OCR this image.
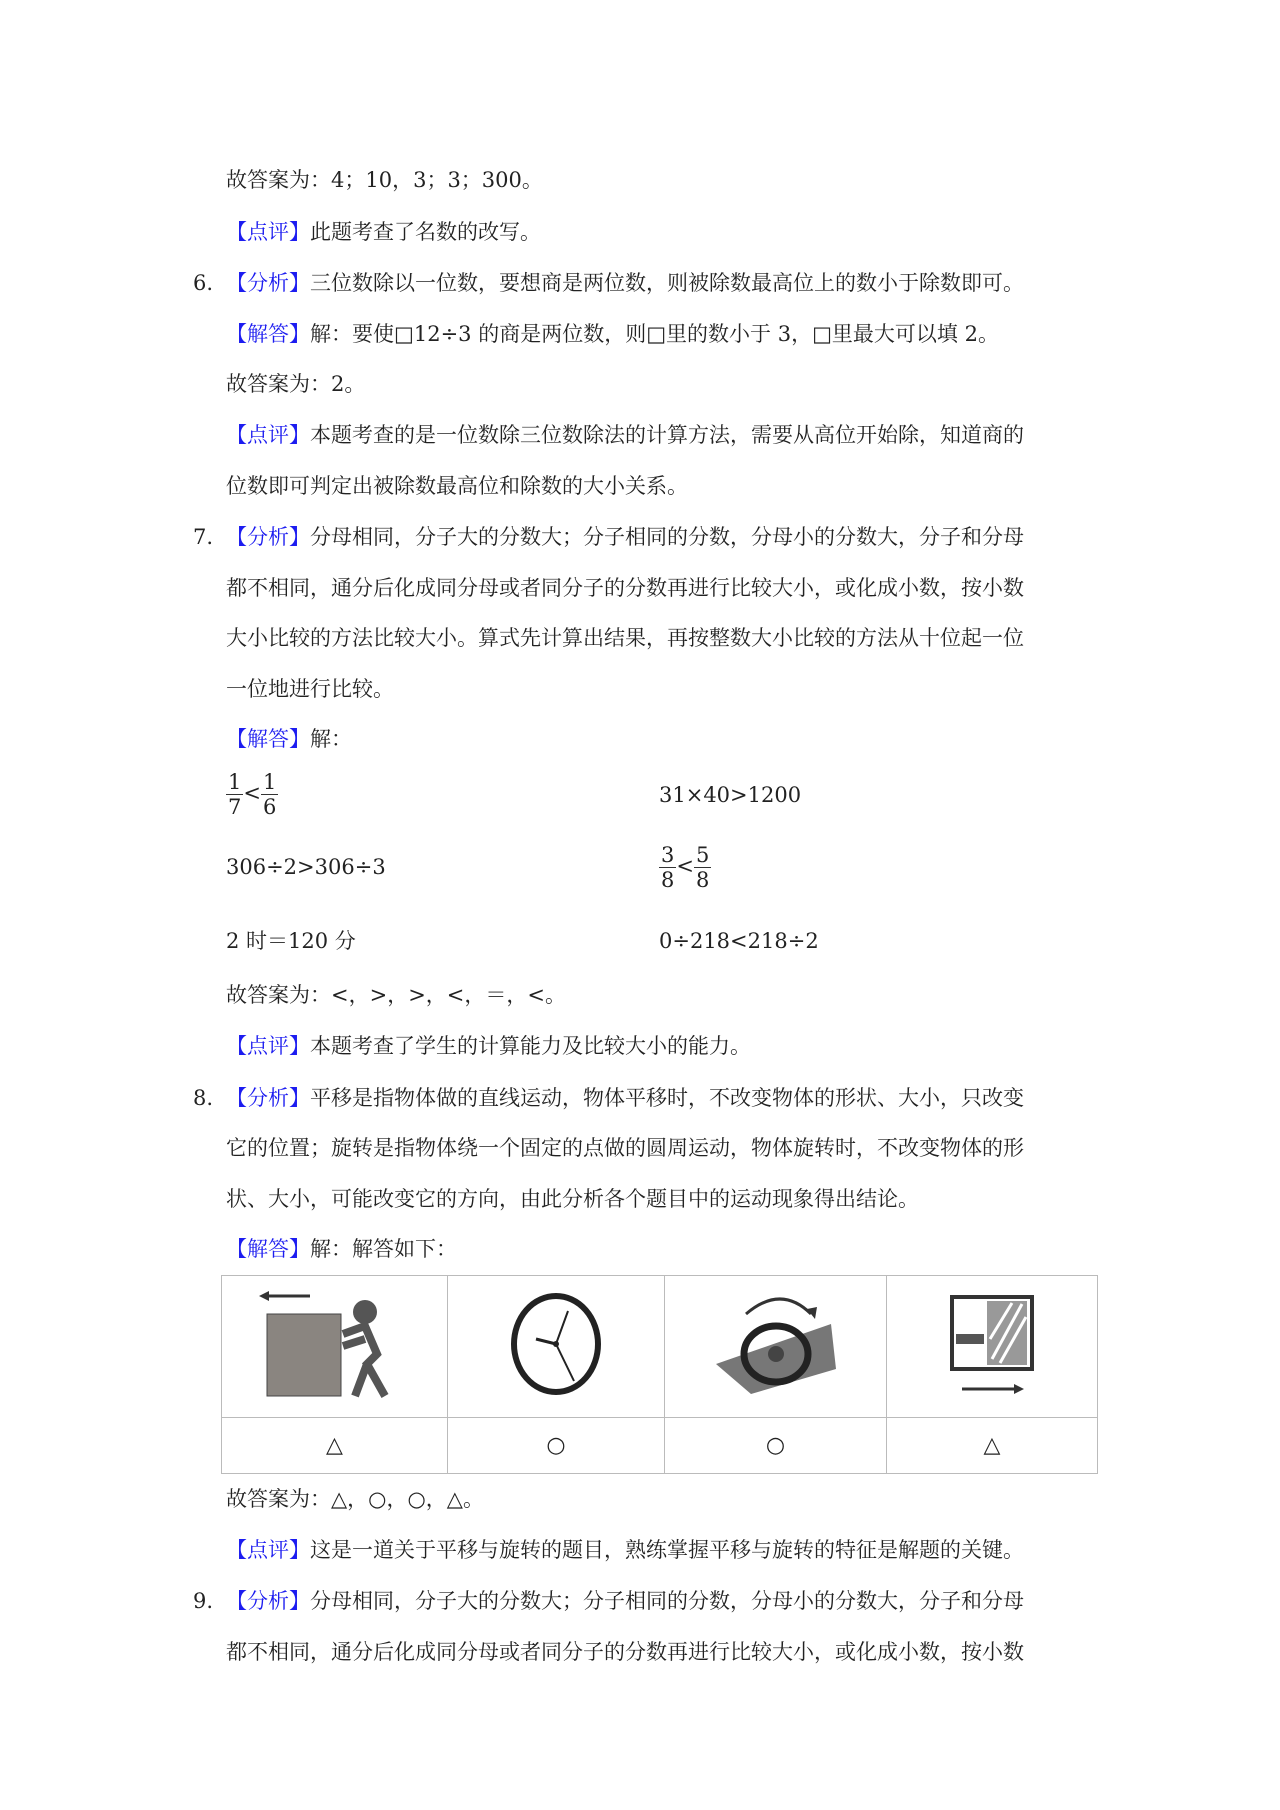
故答案为：4；10，3；3；300。
【点评】此题考查了名数的改写。
6. 【分析】三位数除以一位数，要想商是两位数，则被除数最高位上的数小于除数即可。
【解答】解：要使□12÷3 的商是两位数，则□里的数小于 3，□里最大可以填 2。
故答案为：2。
【点评】本题考查的是一位数除三位数除法的计算方法，需要从高位开始除，知道商的
位数即可判定出被除数最高位和除数的大小关系。
7. 【分析】分母相同，分子大的分数大；分子相同的分数，分母小的分数大，分子和分母
都不相同，通分后化成同分母或者同分子的分数再进行比较大小，或化成小数，按小数
大小比较的方法比较大小。算式先计算出结果，再按整数大小比较的方法从十位起一位
一位地进行比较。
【解答】解：
$\frac{1}{7} < \frac{1}{6}$	31×40>1200
306÷2>306÷3	$\frac{3}{8} < \frac{5}{8}$
2 时＝120 分	0÷218<218÷2
故答案为：<，>，>，<，＝，<。
【点评】本题考查了学生的计算能力及比较大小的能力。
8. 【分析】平移是指物体做的直线运动，物体平移时，不改变物体的形状、大小，只改变
它的位置；旋转是指物体绕一个固定的点做的圆周运动，物体旋转时，不改变物体的形
状、大小，可能改变它的方向，由此分析各个题目中的运动现象得出结论。
【解答】解：解答如下：

△	○	○	△
故答案为：△，○，○，△。
【点评】这是一道关于平移与旋转的题目，熟练掌握平移与旋转的特征是解题的关键。
9. 【分析】分母相同，分子大的分数大；分子相同的分数，分母小的分数大，分子和分母
都不相同，通分后化成同分母或者同分子的分数再进行比较大小，或化成小数，按小数
